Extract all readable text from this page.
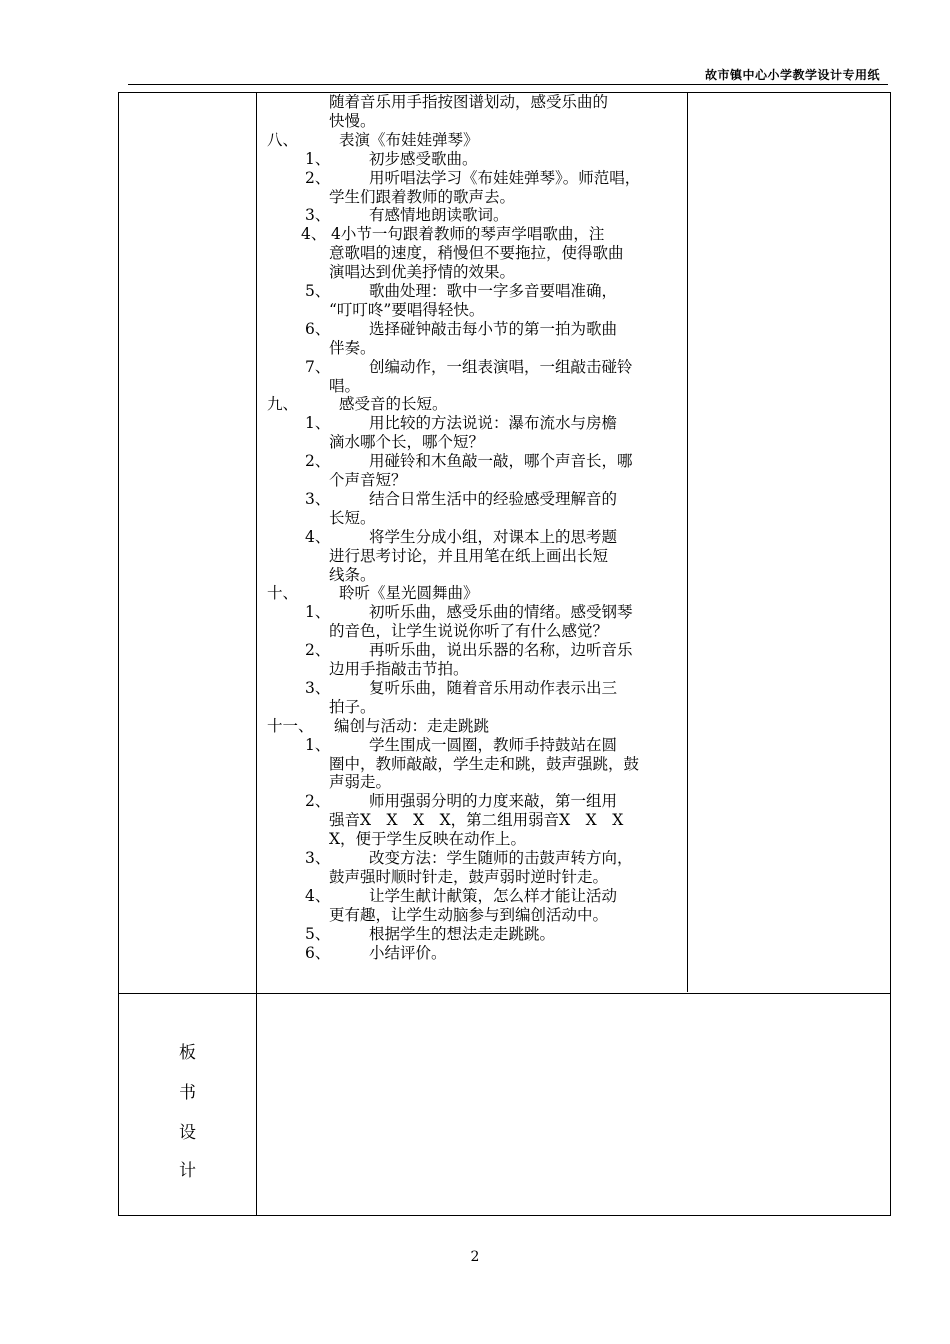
故市镇中心小学教学设计专用纸
随着音乐用手指按图谱划动，感受乐曲的
快慢。
八、	表演《布娃娃弹琴》
1、 初步感受歌曲。
2、 用听唱法学习《布娃娃弹琴》。师范唱，
学生们跟着教师的歌声去。
3、 有感情地朗读歌词。
4、 4小节一句跟着教师的琴声学唱歌曲，注
意歌唱的速度，稍慢但不要拖拉，使得歌曲
演唱达到优美抒情的效果。
5、 歌曲处理：歌中一字多音要唱准确，
“叮叮咚”要唱得轻快。
6、 选择碰钟敲击每小节的第一拍为歌曲
伴奏。
7、 创编动作，一组表演唱，一组敲击碰铃
唱。
九、	感受音的长短。
1、 用比较的方法说说：瀑布流水与房檐
滴水哪个长，哪个短？
2、 用碰铃和木鱼敲一敲，哪个声音长，哪
个声音短？
3、 结合日常生活中的经验感受理解音的
长短。
4、 将学生分成小组，对课本上的思考题
进行思考讨论，并且用笔在纸上画出长短
线条。
十、	聆听《星光圆舞曲》
1、 初听乐曲，感受乐曲的情绪。感受钢琴
的音色，让学生说说你听了有什么感觉？
2、 再听乐曲，说出乐器的名称，边听音乐
边用手指敲击节拍。
3、 复听乐曲，随着音乐用动作表示出三
拍子。
十一、 编创与活动：走走跳跳
1、 学生围成一圆圈，教师手持鼓站在圆
圈中，教师敲敲，学生走和跳，鼓声强跳，鼓
声弱走。
2、 师用强弱分明的力度来敲，第一组用
强音X　X　X　X，第二组用弱音X　X　X
X，便于学生反映在动作上。
3、 改变方法：学生随师的击鼓声转方向，
鼓声强时顺时针走，鼓声弱时逆时针走。
4、 让学生献计献策，怎么样才能让活动
更有趣，让学生动脑参与到编创活动中。
5、 根据学生的想法走走跳跳。
6、 小结评价。
板
书
设
计
2
